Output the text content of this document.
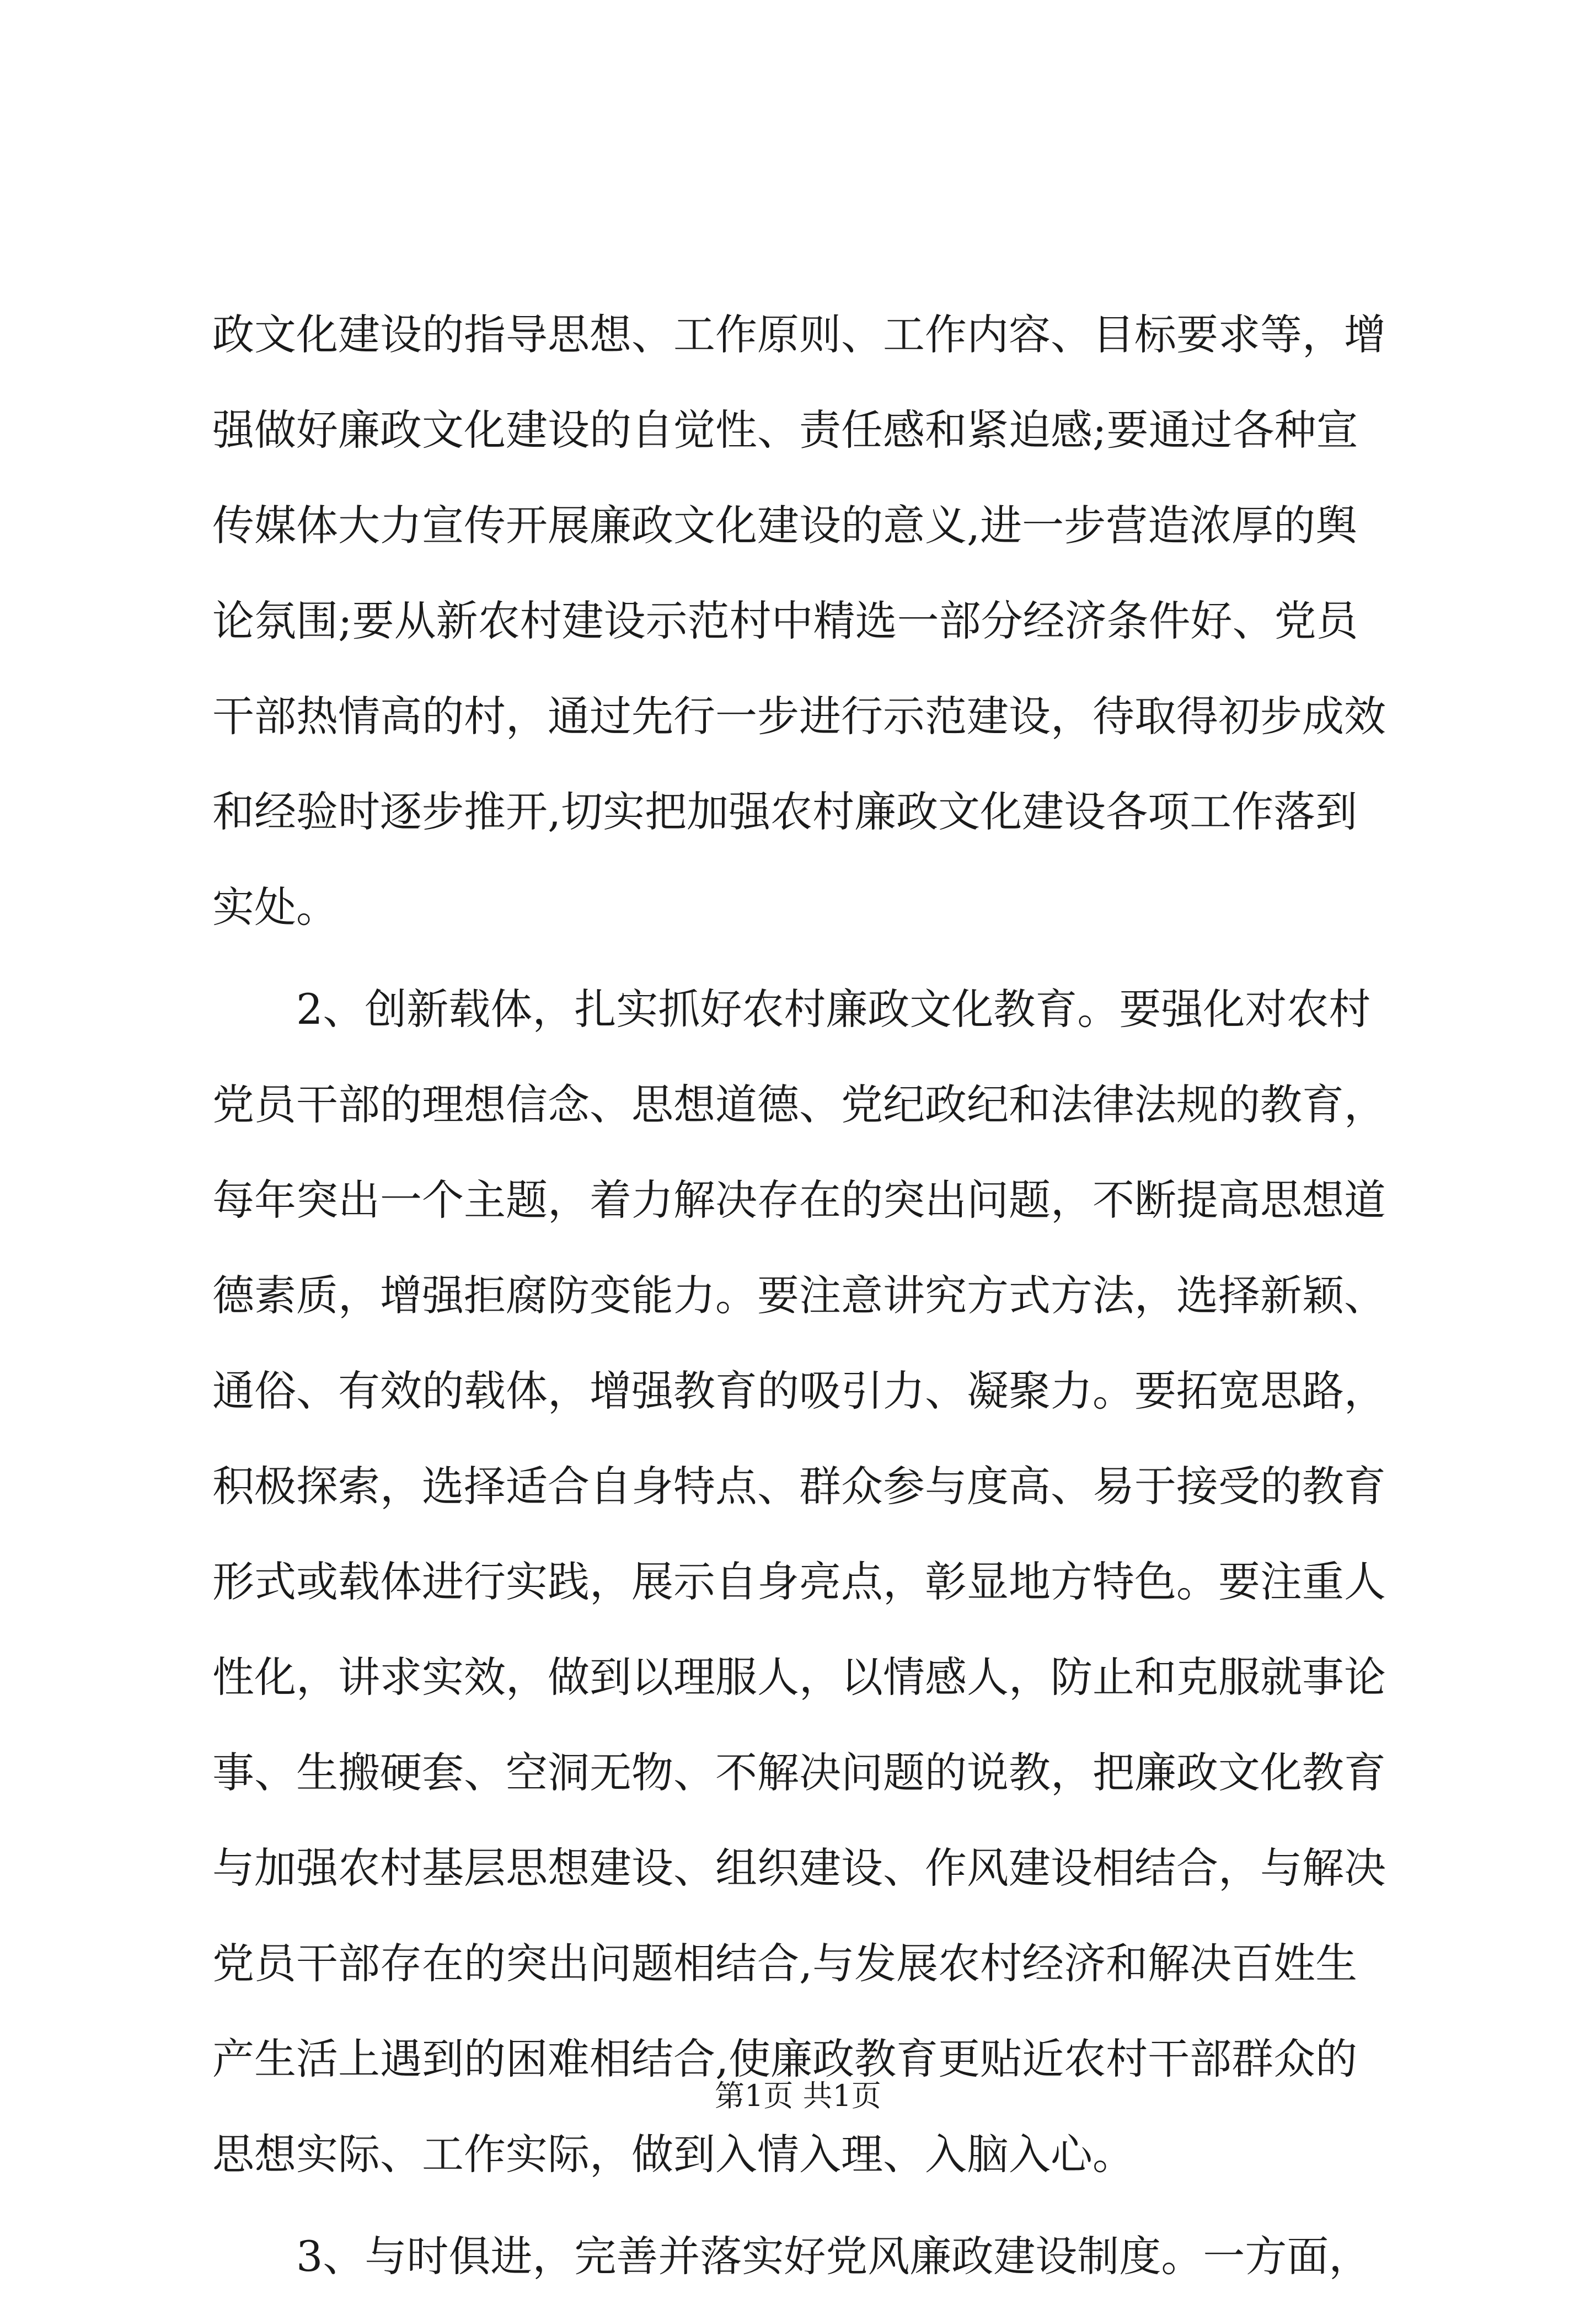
政文化建设的指导思想、工作原则、工作内容、目标要求等，增
强做好廉政文化建设的自觉性、责任感和紧迫感;要通过各种宣
传媒体大力宣传开展廉政文化建设的意义,进一步营造浓厚的舆
论氛围;要从新农村建设示范村中精选一部分经济条件好、党员
干部热情高的村，通过先行一步进行示范建设，待取得初步成效
和经验时逐步推开,切实把加强农村廉政文化建设各项工作落到
实处。
2、创新载体，扎实抓好农村廉政文化教育。要强化对农村
党员干部的理想信念、思想道德、党纪政纪和法律法规的教育，
每年突出一个主题，着力解决存在的突出问题，不断提高思想道
德素质，增强拒腐防变能力。要注意讲究方式方法，选择新颖、
通俗、有效的载体，增强教育的吸引力、凝聚力。要拓宽思路，
积极探索，选择适合自身特点、群众参与度高、易于接受的教育
形式或载体进行实践，展示自身亮点，彰显地方特色。要注重人
性化，讲求实效，做到以理服人，以情感人，防止和克服就事论
事、生搬硬套、空洞无物、不解决问题的说教，把廉政文化教育
与加强农村基层思想建设、组织建设、作风建设相结合，与解决
党员干部存在的突出问题相结合,与发展农村经济和解决百姓生
产生活上遇到的困难相结合,使廉政教育更贴近农村干部群众的
思想实际、工作实际，做到入情入理、入脑入心。
3、与时俱进，完善并落实好党风廉政建设制度。一方面，
第1页 共1页
